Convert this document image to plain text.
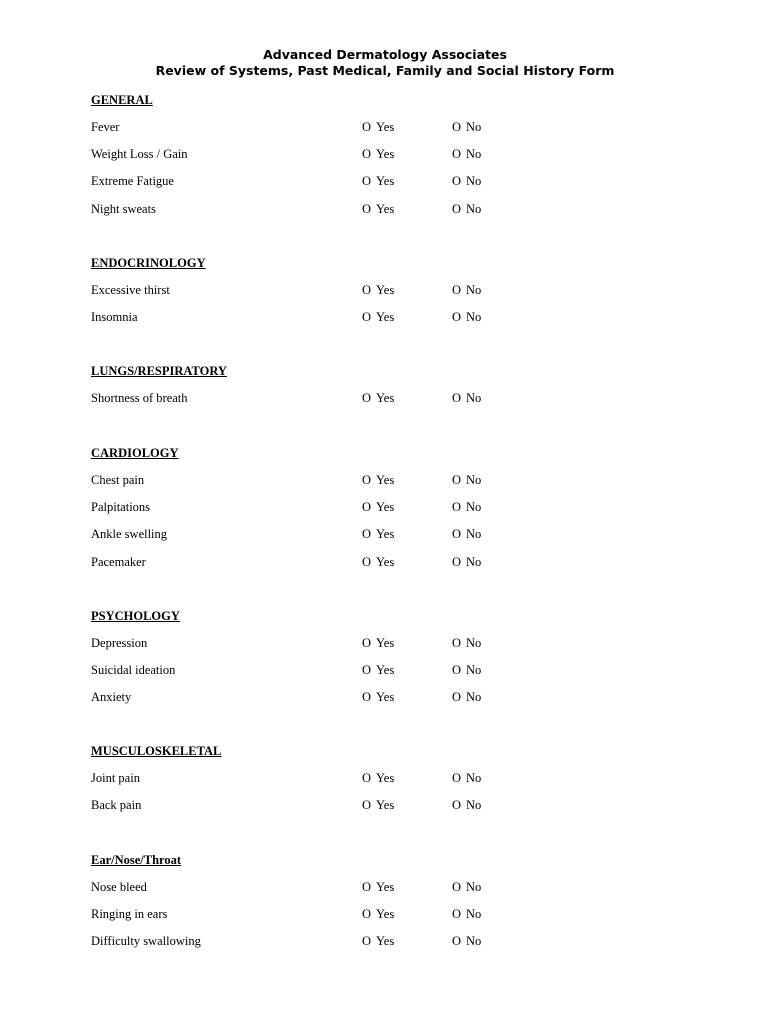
Advanced Dermatology Associates
Review of Systems, Past Medical, Family and Social History Form
GENERAL
Fever	O Yes	O No
Weight Loss / Gain	O Yes	O No
Extreme Fatigue	O Yes	O No
Night sweats	O Yes	O No
ENDOCRINOLOGY
Excessive thirst	O Yes	O No
Insomnia	O Yes	O No
LUNGS/RESPIRATORY
Shortness of breath	O Yes	O No
CARDIOLOGY
Chest pain	O Yes	O No
Palpitations	O Yes	O No
Ankle swelling	O Yes	O No
Pacemaker	O Yes	O No
PSYCHOLOGY
Depression	O Yes	O No
Suicidal ideation	O Yes	O No
Anxiety	O Yes	O No
MUSCULOSKELETAL
Joint pain	O Yes	O No
Back pain	O Yes	O No
Ear/Nose/Throat
Nose bleed	O Yes	O No
Ringing in ears	O Yes	O No
Difficulty swallowing	O Yes	O No
